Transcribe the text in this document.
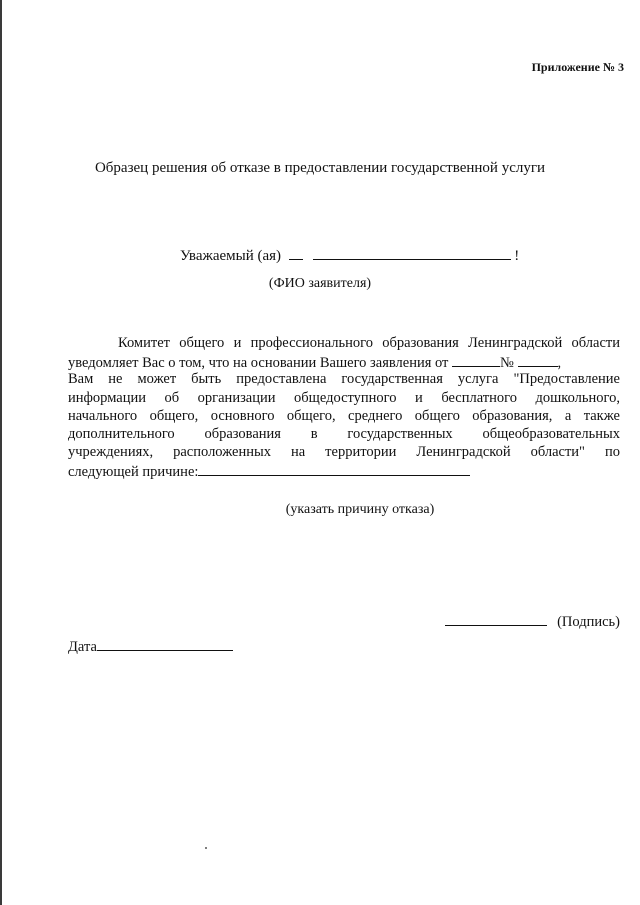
Приложение № 3
Образец решения об отказе в предоставлении государственной услуги
Уважаемый (ая)	!
(ФИО заявителя)
Комитет общего и профессионального образования Ленинградской области
уведомляет Вас о том, что на основании Вашего заявления от	№	,
Вам не может быть предоставлена государственная услуга "Предоставление
информации об организации общедоступного и бесплатного дошкольного,
начального общего, основного общего, среднего общего образования, а также
дополнительного образования в государственных общеобразовательных
учреждениях, расположенных на территории Ленинградской области" по
следующей причине:
(указать причину отказа)
(Подпись)
Дата
